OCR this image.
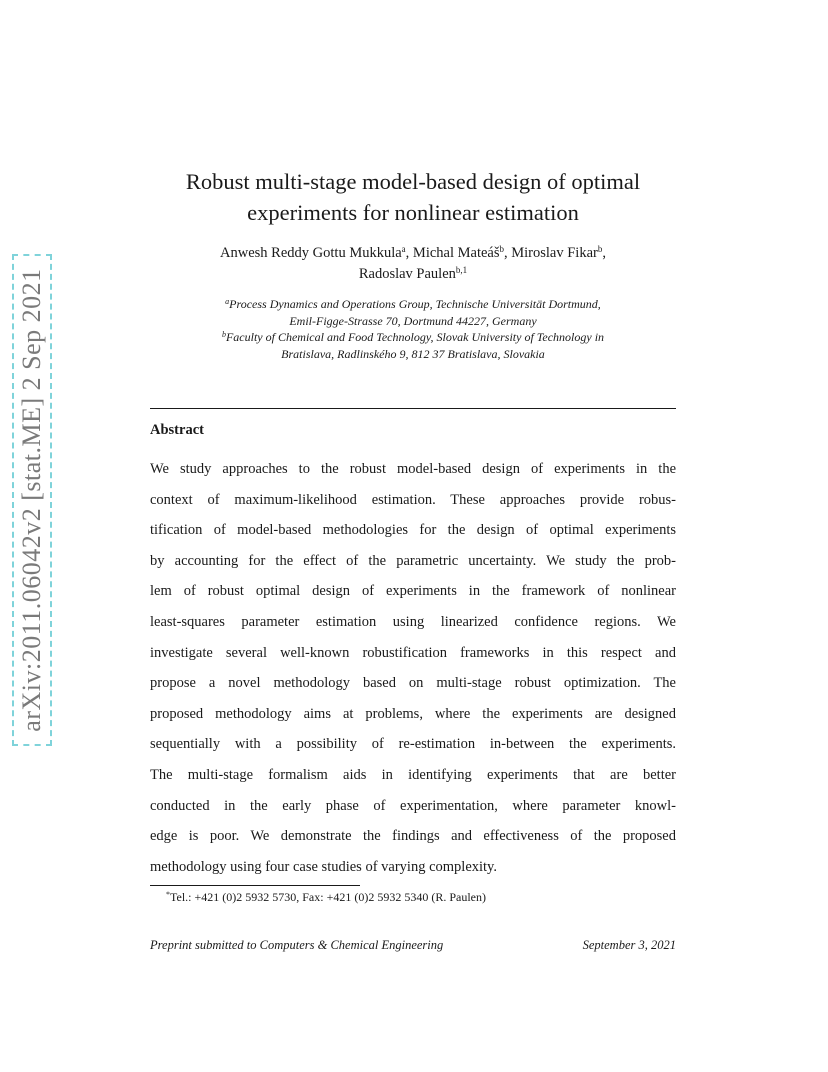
arXiv:2011.06042v2 [stat.ME] 2 Sep 2021
Robust multi-stage model-based design of optimal
experiments for nonlinear estimation
Anwesh Reddy Gottu Mukkula$^a$, Michal Mateáš$^b$, Miroslav Fikar$^b$,
Radoslav Paulen$^{b,1}$
$^a$Process Dynamics and Operations Group, Technische Universität Dortmund,
Emil-Figge-Strasse 70, Dortmund 44227, Germany
$^b$Faculty of Chemical and Food Technology, Slovak University of Technology in
Bratislava, Radlinského 9, 812 37 Bratislava, Slovakia
Abstract
We study approaches to the robust model-based design of experiments in the
context of maximum-likelihood estimation. These approaches provide robus-
tification of model-based methodologies for the design of optimal experiments
by accounting for the effect of the parametric uncertainty. We study the prob-
lem of robust optimal design of experiments in the framework of nonlinear
least-squares parameter estimation using linearized confidence regions. We
investigate several well-known robustification frameworks in this respect and
propose a novel methodology based on multi-stage robust optimization. The
proposed methodology aims at problems, where the experiments are designed
sequentially with a possibility of re-estimation in-between the experiments.
The multi-stage formalism aids in identifying experiments that are better
conducted in the early phase of experimentation, where parameter knowl-
edge is poor. We demonstrate the findings and effectiveness of the proposed
methodology using four case studies of varying complexity.
*Tel.: +421 (0)2 5932 5730, Fax: +421 (0)2 5932 5340 (R. Paulen)
Preprint submitted to Computers & Chemical Engineering	September 3, 2021
